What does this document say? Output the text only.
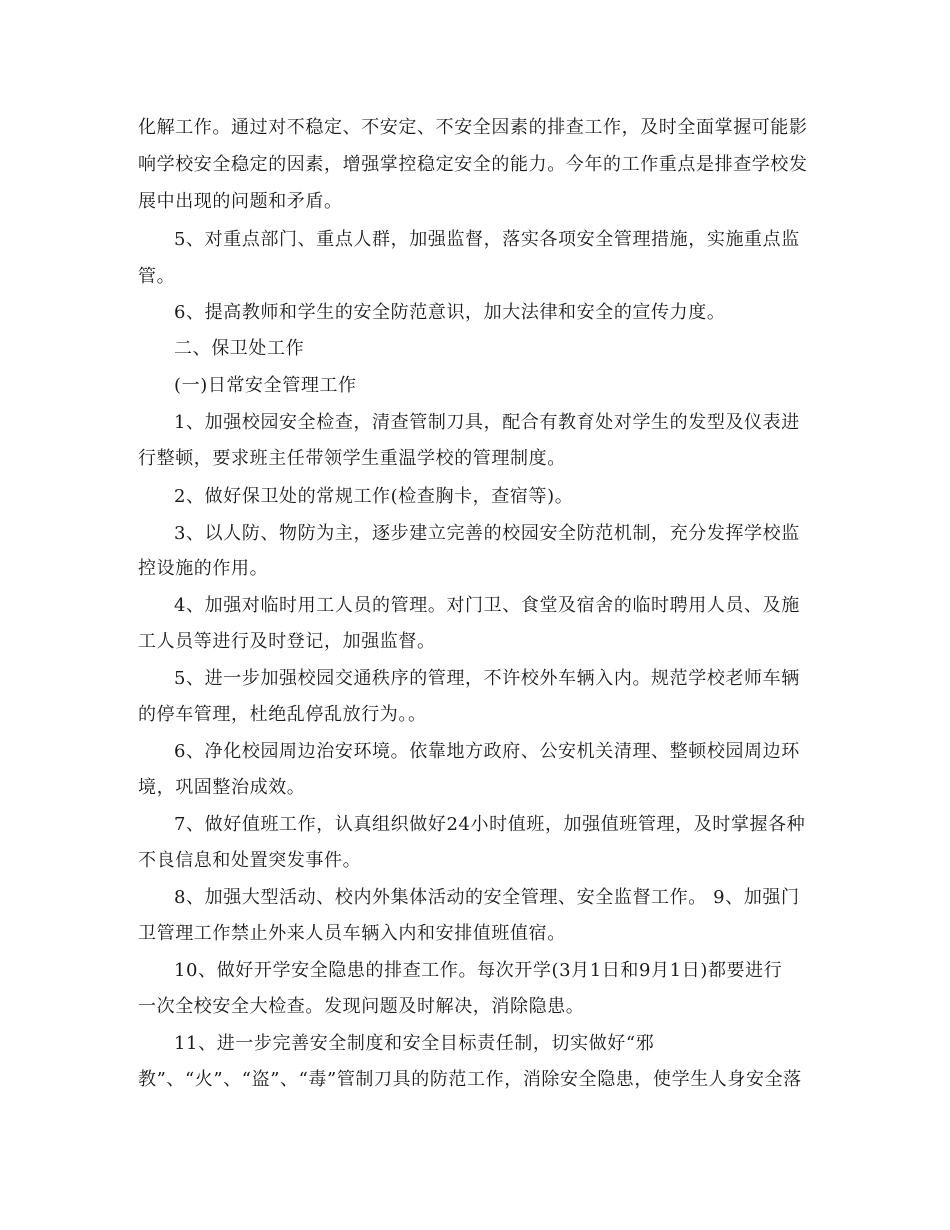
化解工作。通过对不稳定、不安定、不安全因素的排查工作，及时全面掌握可能影

响学校安全稳定的因素，增强掌控稳定安全的能力。今年的工作重点是排查学校发

展中出现的问题和矛盾。

5、对重点部门、重点人群，加强监督，落实各项安全管理措施，实施重点监

管。

6、提高教师和学生的安全防范意识，加大法律和安全的宣传力度。

二、保卫处工作

(一)日常安全管理工作

1、加强校园安全检查，清查管制刀具，配合有教育处对学生的发型及仪表进

行整顿，要求班主任带领学生重温学校的管理制度。

2、做好保卫处的常规工作(检查胸卡，查宿等)。

3、以人防、物防为主，逐步建立完善的校园安全防范机制，充分发挥学校监

控设施的作用。

4、加强对临时用工人员的管理。对门卫、食堂及宿舍的临时聘用人员、及施

工人员等进行及时登记，加强监督。

5、进一步加强校园交通秩序的管理，不许校外车辆入内。规范学校老师车辆

的停车管理，杜绝乱停乱放行为。。

6、净化校园周边治安环境。依靠地方政府、公安机关清理、整顿校园周边环

境，巩固整治成效。

7、做好值班工作，认真组织做好24小时值班，加强值班管理，及时掌握各种

不良信息和处置突发事件。

8、加强大型活动、校内外集体活动的安全管理、安全监督工作。 9、加强门

卫管理工作禁止外来人员车辆入内和安排值班值宿。

10、做好开学安全隐患的排查工作。每次开学(3月1日和9月1日)都要进行

一次全校安全大检查。发现问题及时解决，消除隐患。

11、进一步完善安全制度和安全目标责任制，切实做好“邪

教”、“火”、“盗”、“毒”管制刀具的防范工作，消除安全隐患，使学生人身安全落
